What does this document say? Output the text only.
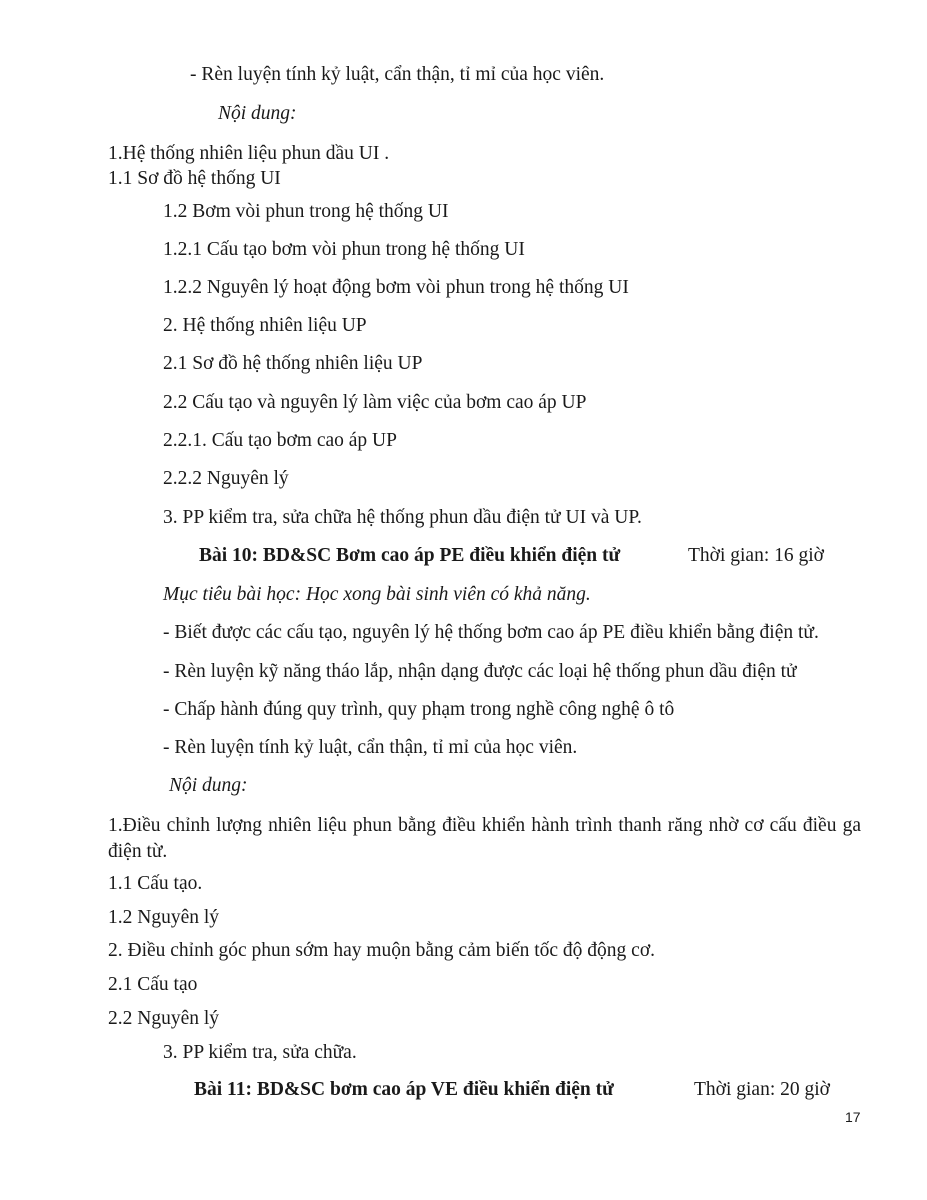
- Rèn luyện tính kỷ luật, cẩn thận, tỉ mỉ của học viên.
Nội dung:
1.Hệ thống nhiên liệu phun dầu UI .
1.1 Sơ đồ hệ thống UI
1.2 Bơm vòi phun trong hệ thống UI
1.2.1 Cấu tạo bơm vòi phun trong hệ thống UI
1.2.2 Nguyên lý hoạt động bơm vòi phun trong hệ thống UI
2. Hệ thống nhiên liệu UP
2.1 Sơ đồ hệ thống nhiên liệu UP
2.2 Cấu tạo và nguyên lý làm việc của bơm cao áp UP
2.2.1. Cấu tạo bơm cao áp UP
2.2.2 Nguyên lý
3. PP kiểm tra, sửa chữa hệ thống phun dầu điện tử UI và UP.
Bài 10: BD&SC Bơm cao áp PE điều khiển điện tử	Thời gian: 16 giờ
Mục tiêu bài học: Học xong bài sinh viên có khả năng.
- Biết được các cấu tạo, nguyên lý hệ thống bơm cao áp PE điều khiển bằng điện tử.
- Rèn luyện kỹ năng tháo lắp, nhận dạng được các loại hệ thống phun dầu điện tử
- Chấp hành đúng quy trình, quy phạm trong nghề công nghệ ô tô
- Rèn luyện tính kỷ luật, cẩn thận, tỉ mỉ của học viên.
Nội dung:
1.Điều chỉnh lượng nhiên liệu phun bằng điều khiển hành trình thanh răng nhờ cơ cấu điều ga điện từ.
1.1 Cấu tạo.
1.2 Nguyên lý
2. Điều chỉnh góc phun sớm hay muộn bằng cảm biến tốc độ động cơ.
2.1 Cấu tạo
2.2 Nguyên lý
3. PP kiểm tra, sửa chữa.
Bài 11: BD&SC bơm cao áp VE điều khiển điện tử	Thời gian: 20 giờ
17
